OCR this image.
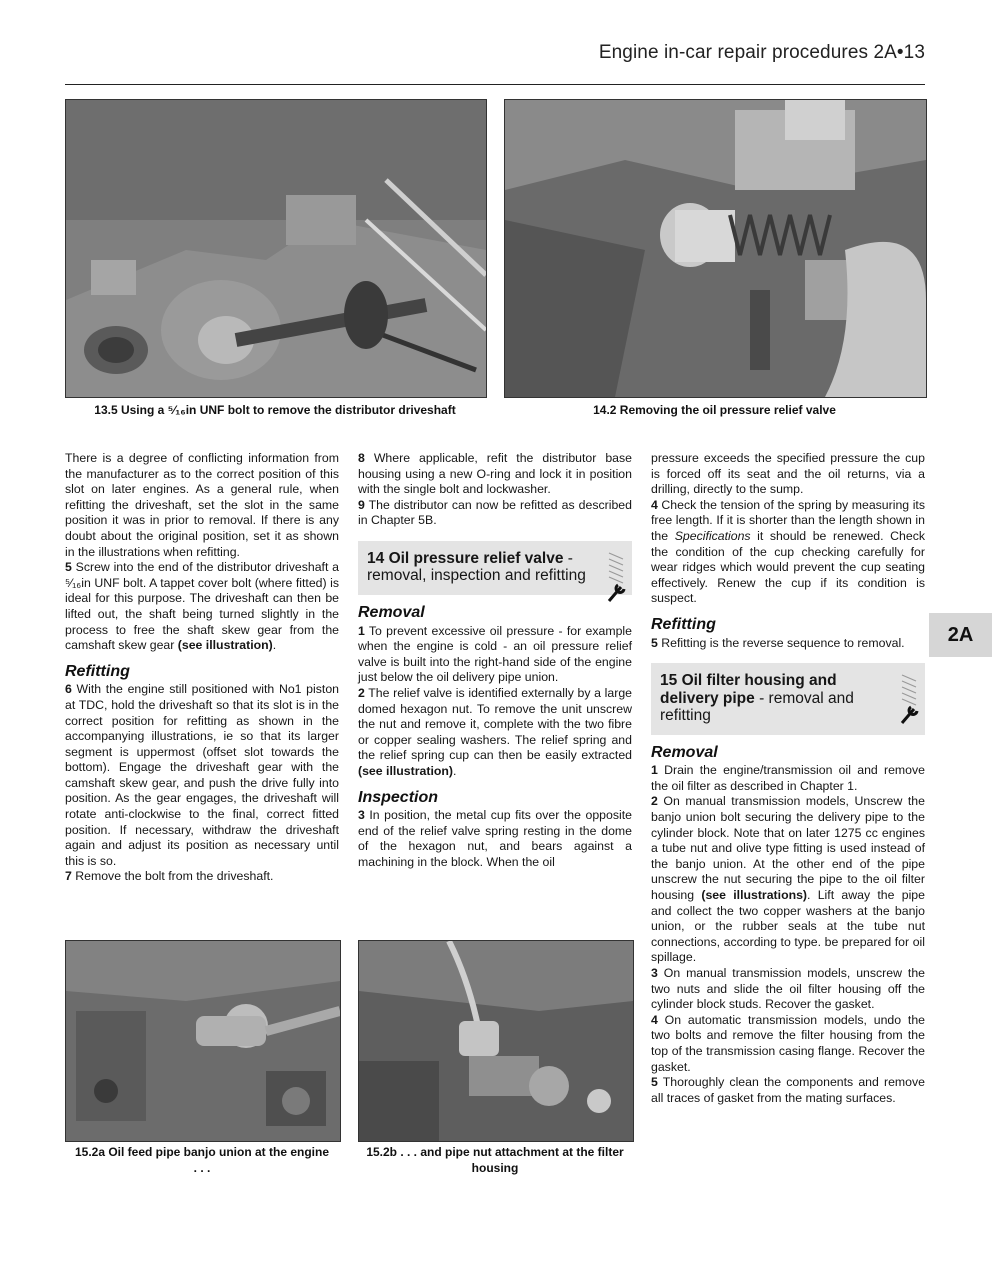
Engine in-car repair procedures 2A•13
13.5 Using a ⁵⁄₁₆in UNF bolt to remove the distributor driveshaft	14.2 Removing the oil pressure relief valve

There is a degree of conflicting information from the manufacturer as to the correct position of this slot on later engines. As a general rule, when refitting the driveshaft, set the slot in the same position it was in prior to removal. If there is any doubt about the original position, set it as shown in the illustrations when refitting.

5 Screw into the end of the distributor driveshaft a ⁵⁄₁₆in UNF bolt. A tappet cover bolt (where fitted) is ideal for this purpose. The driveshaft can then be lifted out, the shaft being turned slightly in the process to free the shaft skew gear from the camshaft skew gear (see illustration).

Refitting

6 With the engine still positioned with No1 piston at TDC, hold the driveshaft so that its slot is in the correct position for refitting as shown in the accompanying illustrations, ie so that its larger segment is uppermost (offset slot towards the bottom). Engage the driveshaft gear with the camshaft skew gear, and push the drive fully into position. As the gear engages, the driveshaft will rotate anti-clockwise to the final, correct fitted position. If necessary, withdraw the driveshaft again and adjust its position as necessary until this is so.
7 Remove the bolt from the driveshaft.

8 Where applicable, refit the distributor base housing using a new O-ring and lock it in position with the single bolt and lockwasher.
9 The distributor can now be refitted as described in Chapter 5B.

14 Oil pressure relief valve - removal, inspection and refitting
Removal

1 To prevent excessive oil pressure - for example when the engine is cold - an oil pressure relief valve is built into the right-hand side of the engine just below the oil delivery pipe union.
2 The relief valve is identified externally by a large domed hexagon nut. To remove the unit unscrew the nut and remove it, complete with the two fibre or copper sealing washers. The relief spring and the relief spring cup can then be easily extracted (see illustration).

Inspection

3 In position, the metal cup fits over the opposite end of the relief valve spring resting in the dome of the hexagon nut, and bears against a machining in the block. When the oil

pressure exceeds the specified pressure the cup is forced off its seat and the oil returns, via a drilling, directly to the sump.
4 Check the tension of the spring by measuring its free length. If it is shorter than the length shown in the Specifications it should be renewed. Check the condition of the cup checking carefully for wear ridges which would prevent the cup seating effectively. Renew the cup if its condition is suspect.

Refitting

5 Refitting is the reverse sequence to removal.

15 Oil filter housing and delivery pipe - removal and refitting
Removal

1 Drain the engine/transmission oil and remove the oil filter as described in Chapter 1.
2 On manual transmission models, Unscrew the banjo union bolt securing the delivery pipe to the cylinder block. Note that on later 1275 cc engines a tube nut and olive type fitting is used instead of the banjo union. At the other end of the pipe unscrew the nut securing the pipe to the oil filter housing (see illustrations). Lift away the pipe and collect the two copper washers at the banjo union, or the rubber seals at the tube nut connections, according to type. be prepared for oil spillage.
3 On manual transmission models, unscrew the two nuts and slide the oil filter housing off the cylinder block studs. Recover the gasket.
4 On automatic transmission models, undo the two bolts and remove the filter housing from the top of the transmission casing flange. Recover the gasket.
5 Thoroughly clean the components and remove all traces of gasket from the mating surfaces.

15.2a Oil feed pipe banjo union at the engine . . .
15.2b . . . and pipe nut attachment at the filter housing
2A
